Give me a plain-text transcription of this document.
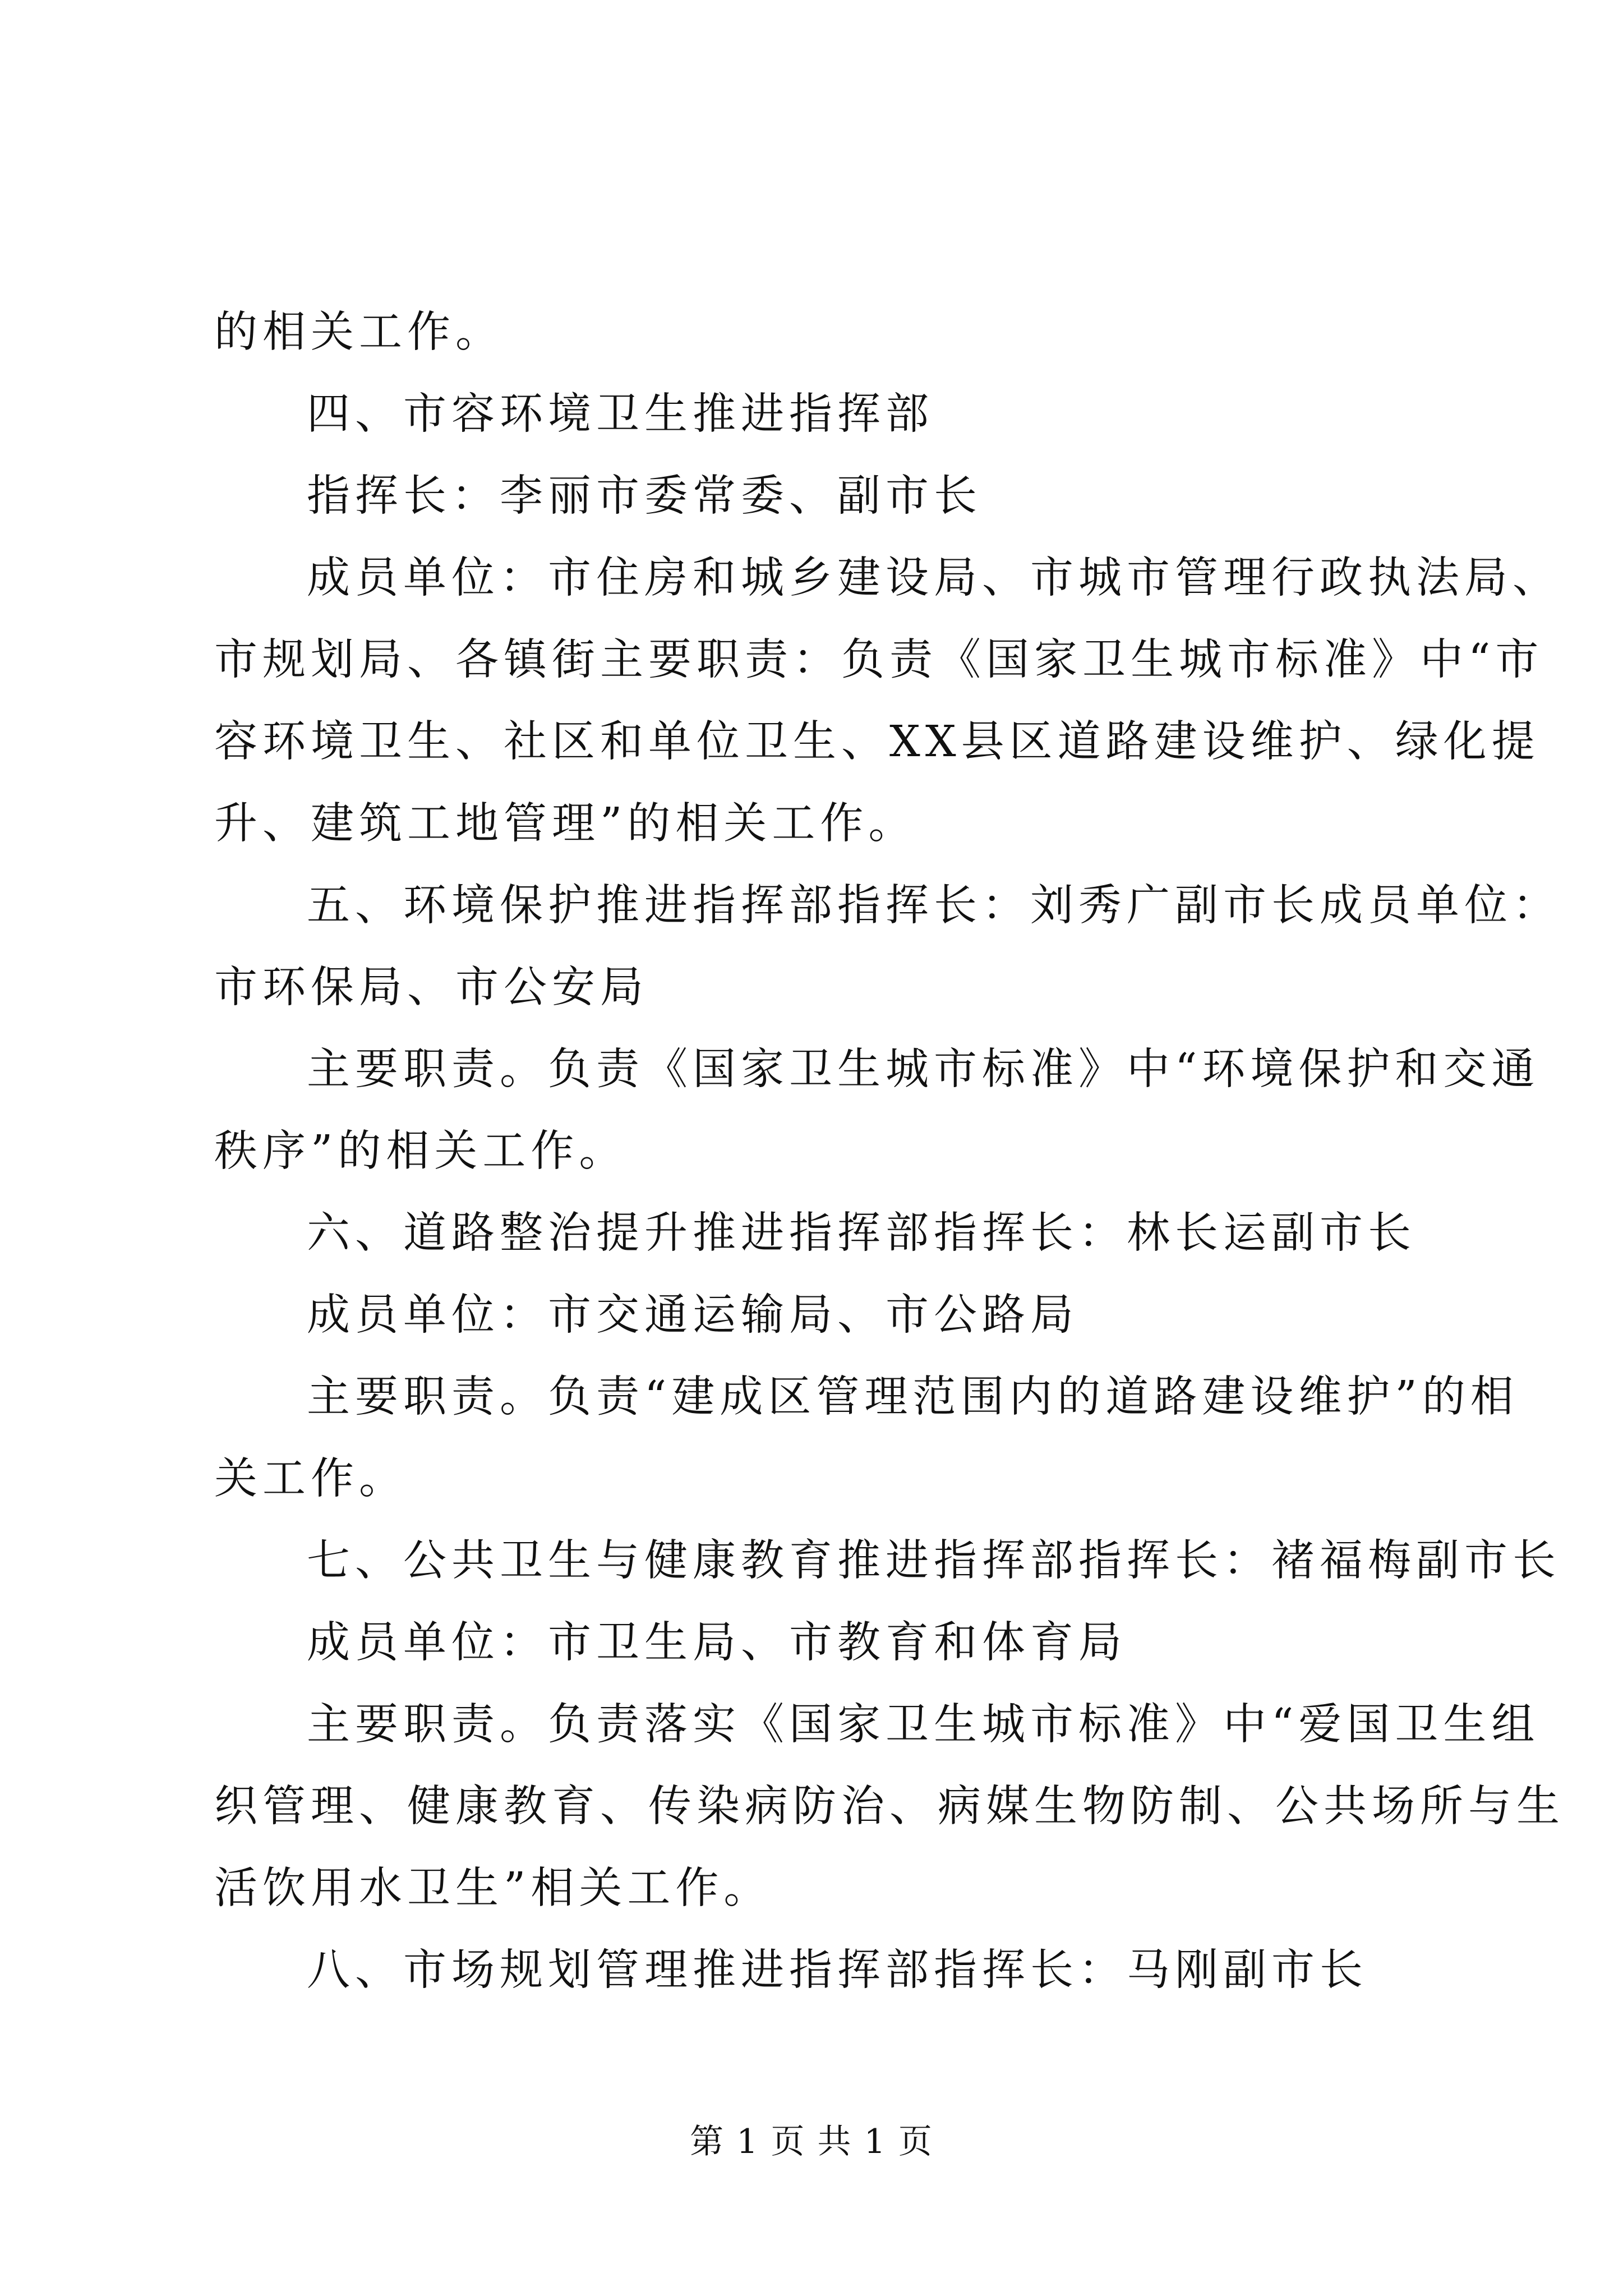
的相关工作。
四、市容环境卫生推进指挥部
指挥长：李丽市委常委、副市长
成员单位：市住房和城乡建设局、市城市管理行政执法局、
市规划局、各镇街主要职责：负责《国家卫生城市标准》中“市
容环境卫生、社区和单位卫生、XX县区道路建设维护、绿化提
升、建筑工地管理”的相关工作。
五、环境保护推进指挥部指挥长：刘秀广副市长成员单位：
市环保局、市公安局
主要职责。负责《国家卫生城市标准》中“环境保护和交通
秩序”的相关工作。
六、道路整治提升推进指挥部指挥长：林长运副市长
成员单位：市交通运输局、市公路局
主要职责。负责“建成区管理范围内的道路建设维护”的相
关工作。
七、公共卫生与健康教育推进指挥部指挥长：褚福梅副市长
成员单位：市卫生局、市教育和体育局
主要职责。负责落实《国家卫生城市标准》中“爱国卫生组
织管理、健康教育、传染病防治、病媒生物防制、公共场所与生
活饮用水卫生”相关工作。
八、市场规划管理推进指挥部指挥长：马刚副市长
第 1 页 共 1 页
